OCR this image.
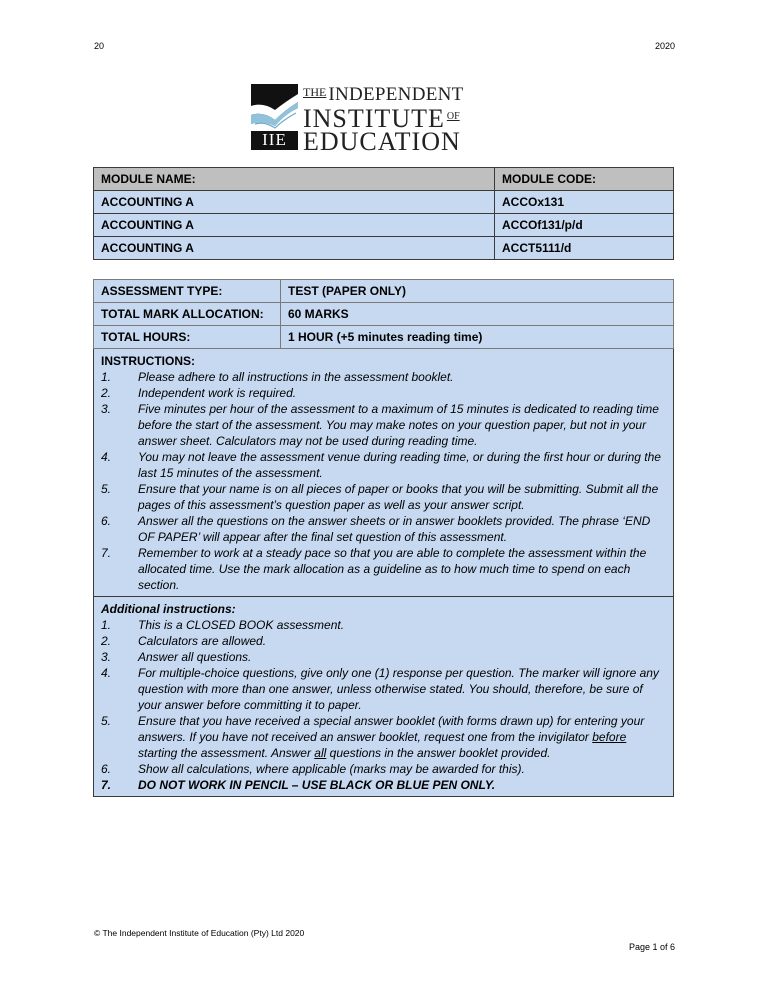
20	2020
IIE
$^{THE}$ INDEPENDENT
INSTITUTE $^{OF}$
EDUCATION
MODULE NAME:	MODULE CODE:
ACCOUNTING A	ACCOx131
ACCOUNTING A	ACCOf131/p/d
ACCOUNTING A	ACCT5111/d
ASSESSMENT TYPE:	TEST (PAPER ONLY)
TOTAL MARK ALLOCATION:	60 MARKS
TOTAL HOURS:	1 HOUR (+5 minutes reading time)

INSTRUCTIONS:
1. Please adhere to all instructions in the assessment booklet.
2. Independent work is required.
3. Five minutes per hour of the assessment to a maximum of 15 minutes is dedicated to reading time before the start of the assessment. You may make notes on your question paper, but not in your answer sheet. Calculators may not be used during reading time.
4. You may not leave the assessment venue during reading time, or during the first hour or during the last 15 minutes of the assessment.
5. Ensure that your name is on all pieces of paper or books that you will be submitting. Submit all the pages of this assessment’s question paper as well as your answer script.
6. Answer all the questions on the answer sheets or in answer booklets provided. The phrase ‘END OF PAPER’ will appear after the final set question of this assessment.
7. Remember to work at a steady pace so that you are able to complete the assessment within the allocated time. Use the mark allocation as a guideline as to how much time to spend on each section.

Additional instructions:
1. This is a CLOSED BOOK assessment.
2. Calculators are allowed.
3. Answer all questions.
4. For multiple-choice questions, give only one (1) response per question. The marker will ignore any question with more than one answer, unless otherwise stated. You should, therefore, be sure of your answer before committing it to paper.
5. Ensure that you have received a special answer booklet (with forms drawn up) for entering your answers. If you have not received an answer booklet, request one from the invigilator before starting the assessment. Answer all questions in the answer booklet provided.
6. Show all calculations, where applicable (marks may be awarded for this).
7. DO NOT WORK IN PENCIL – USE BLACK OR BLUE PEN ONLY.
© The Independent Institute of Education (Pty) Ltd 2020
Page 1 of 6
